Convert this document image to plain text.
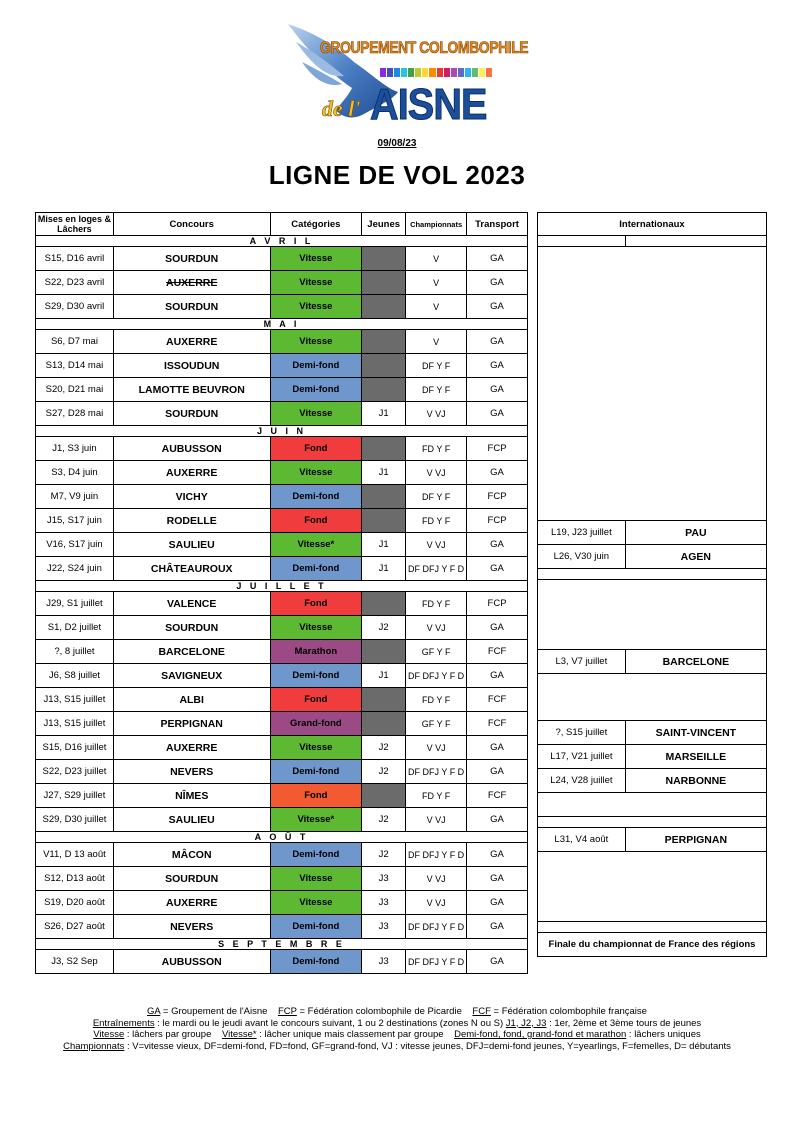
GROUPEMENT COLOMBOPHILE
de l' AISNE
09/08/23
LIGNE DE VOL 2023
Mises en loges & Lâchers	Concours	Catégories	Jeunes	Championnats	Transport
A V R I L					
S15, D16 avril	SOURDUN	Vitesse		V	GA
S22, D23 avril	AUXERRE	Vitesse		V	GA
S29, D30 avril	SOURDUN	Vitesse		V	GA
M A I					
S6, D7 mai	AUXERRE	Vitesse		V	GA
S13, D14 mai	ISSOUDUN	Demi-fond		DF Y F	GA
S20, D21 mai	LAMOTTE BEUVRON	Demi-fond		DF Y F	GA
S27, D28 mai	SOURDUN	Vitesse	J1	V VJ	GA
J U I N					
J1, S3 juin	AUBUSSON	Fond		FD Y F	FCP
S3, D4 juin	AUXERRE	Vitesse	J1	V VJ	GA
M7, V9 juin	VICHY	Demi-fond		DF Y F	FCP
J15, S17 juin	RODELLE	Fond		FD Y F	FCP
V16, S17 juin	SAULIEU	Vitesse*	J1	V VJ	GA
J22, S24 juin	CHÂTEAUROUX	Demi-fond	J1	DF DFJ Y F D	GA
J U I L L E T					
J29, S1 juillet	VALENCE	Fond		FD Y F	FCP
S1, D2 juillet	SOURDUN	Vitesse	J2	V VJ	GA
?, 8 juillet	BARCELONE	Marathon		GF Y F	FCF
J6, S8 juillet	SAVIGNEUX	Demi-fond	J1	DF DFJ Y F D	GA
J13, S15 juillet	ALBI	Fond		FD Y F	FCF
J13, S15 juillet	PERPIGNAN	Grand-fond		GF Y F	FCF
S15, D16 juillet	AUXERRE	Vitesse	J2	V VJ	GA
S22, D23 juillet	NEVERS	Demi-fond	J2	DF DFJ Y F D	GA
J27, S29 juillet	NÎMES	Fond		FD Y F	FCF
S29, D30 juillet	SAULIEU	Vitesse*	J2	V VJ	GA
A O Û T					
V11, D 13 août	MÂCON	Demi-fond	J2	DF DFJ Y F D	GA
S12, D13 août	SOURDUN	Vitesse	J3	V VJ	GA
S19, D20 août	AUXERRE	Vitesse	J3	V VJ	GA
S26, D27 août	NEVERS	Demi-fond	J3	DF DFJ Y F D	GA
S E P T E M B R E					
J3, S2 Sep	AUBUSSON	Demi-fond	J3	DF DFJ Y F D	GA
Internationaux	

L19, J23 juillet	PAU
L26, V30 juin	AGEN

L3, V7 juillet	BARCELONE

?, S15 juillet	SAINT-VINCENT
L17, V21 juillet	MARSEILLE
L24, V28 juillet	NARBONNE

L31, V4 août	PERPIGNAN

Finale du championnat de France des régions	
GA = Groupement de l'Aisne FCP = Fédération colombophile de Picardie FCF = Fédération colombophile française
Entraînements : le mardi ou le jeudi avant le concours suivant, 1 ou 2 destinations (zones N ou S) J1, J2, J3 : 1er, 2ème et 3ème tours de jeunes
Vitesse : lâchers par groupe Vitesse* : lâcher unique mais classement par groupe Demi-fond, fond, grand-fond et marathon : lâchers uniques
Championnats : V=vitesse vieux, DF=demi-fond, FD=fond, GF=grand-fond, VJ : vitesse jeunes, DFJ=demi-fond jeunes, Y=yearlings, F=femelles, D= débutants
